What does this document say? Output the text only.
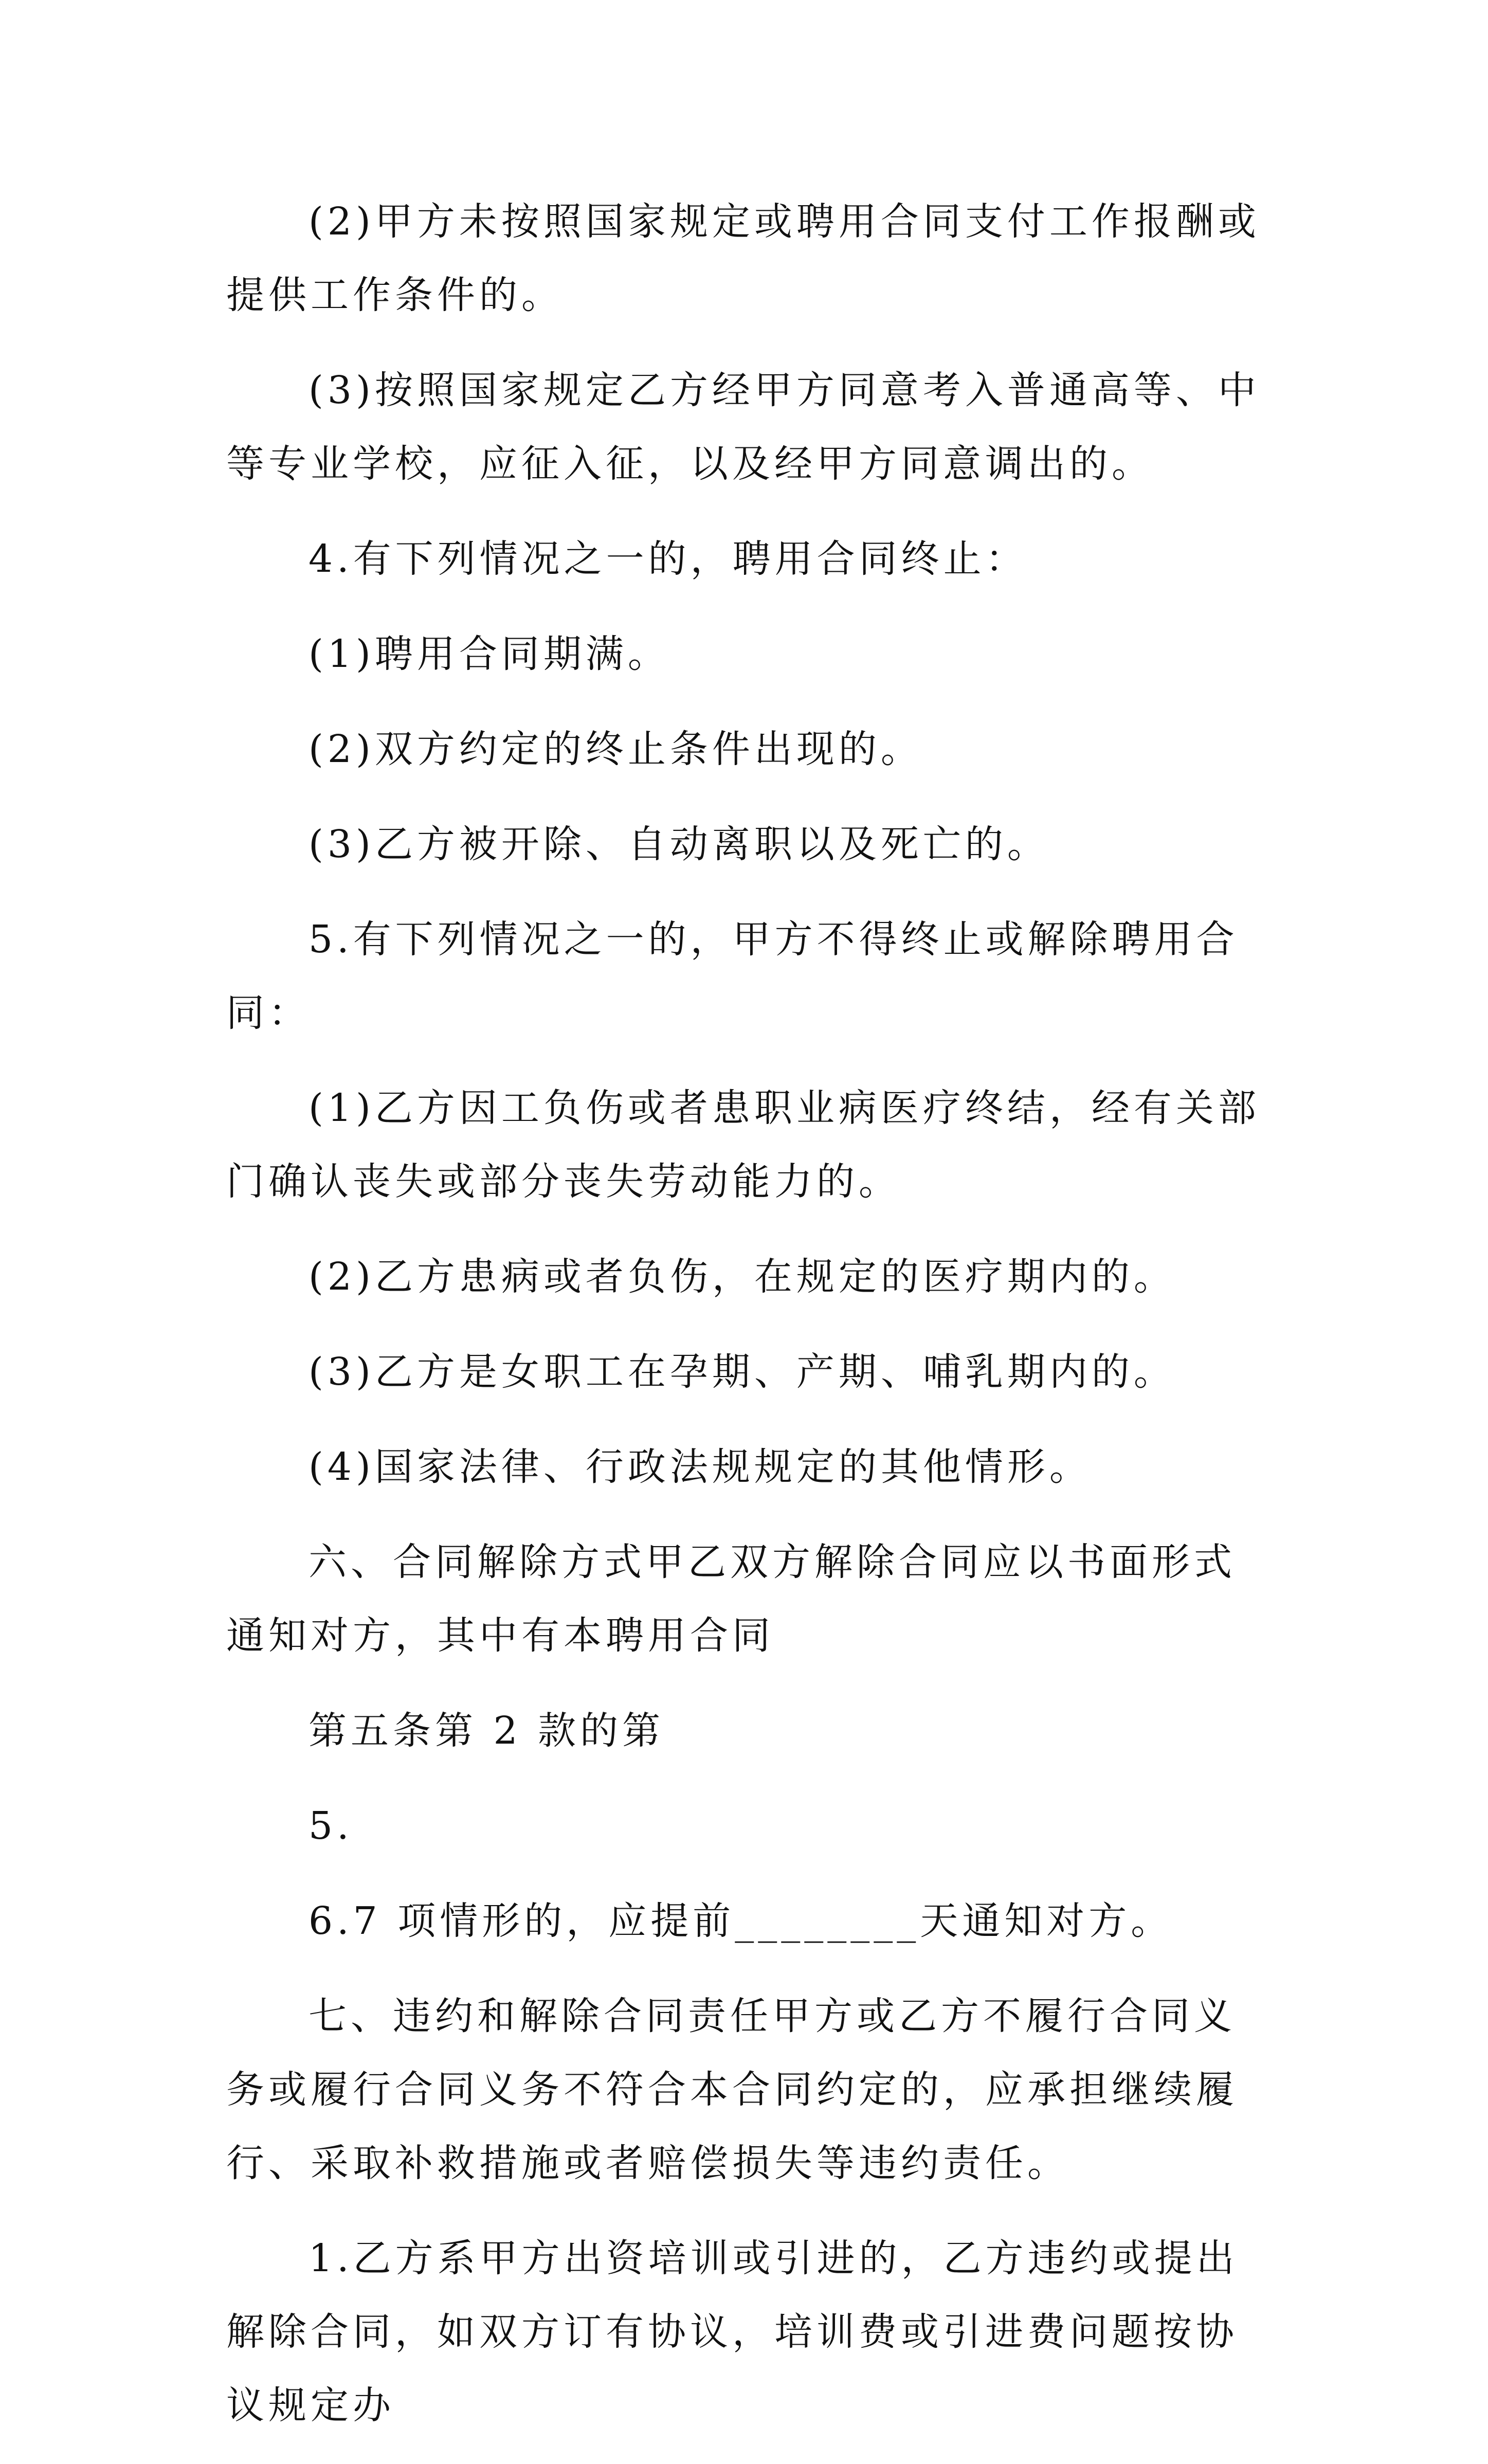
(2)甲方未按照国家规定或聘用合同支付工作报酬或提供工作条件的。

(3)按照国家规定乙方经甲方同意考入普通高等、中等专业学校，应征入征，以及经甲方同意调出的。

4.有下列情况之一的，聘用合同终止：

(1)聘用合同期满。

(2)双方约定的终止条件出现的。

(3)乙方被开除、自动离职以及死亡的。

5.有下列情况之一的，甲方不得终止或解除聘用合同：

(1)乙方因工负伤或者患职业病医疗终结，经有关部门确认丧失或部分丧失劳动能力的。

(2)乙方患病或者负伤，在规定的医疗期内的。

(3)乙方是女职工在孕期、产期、哺乳期内的。

(4)国家法律、行政法规规定的其他情形。

六、合同解除方式甲乙双方解除合同应以书面形式通知对方，其中有本聘用合同

第五条第 2 款的第

5.

6.7 项情形的，应提前________天通知对方。

七、违约和解除合同责任甲方或乙方不履行合同义务或履行合同义务不符合本合同约定的，应承担继续履行、采取补救措施或者赔偿损失等违约责任。

1.乙方系甲方出资培训或引进的，乙方违约或提出解除合同，如双方订有协议，培训费或引进费问题按协议规定办
